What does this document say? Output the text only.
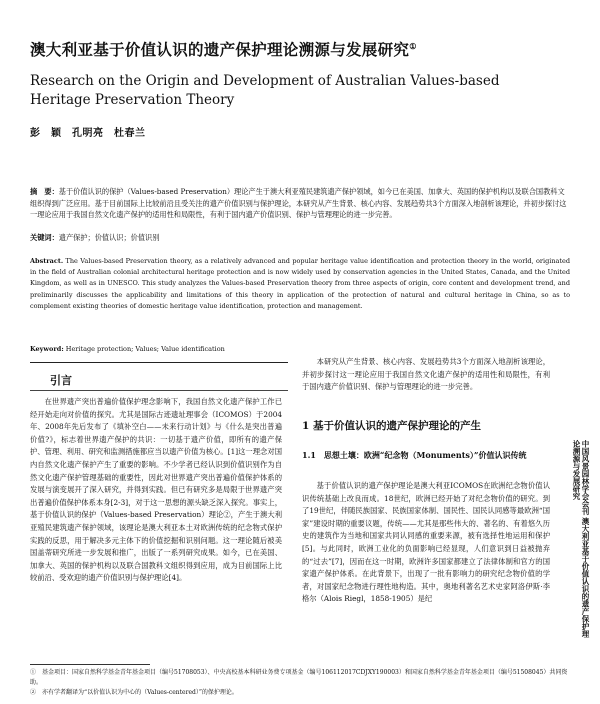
澳大利亚基于价值认识的遗产保护理论溯源与发展研究①
Research on the Origin and Development of Australian Values-based Heritage Preservation Theory
彭　颖　孔明亮　杜春兰
摘　要：基于价值认识的保护（Values-based Preservation）理论产生于澳大利亚殖民建筑遗产保护领域，如今已在美国、加拿大、英国的保护机构以及联合国教科文组织得到广泛应用。基于目前国际上比较前沿且受关注的遗产价值识别与保护理论，本研究从产生背景、核心内容、发展趋势共3个方面深入地剖析该理论，并初步探讨这一理论应用于我国自然文化遗产保护的适用性和局限性，有利于国内遗产价值识别、保护与管理理论的进一步完善。
关键词：遗产保护；价值认识；价值识别
Abstract. The Values-based Preservation theory, as a relatively advanced and popular heritage value identification and protection theory in the world, originated in the field of Australian colonial architectural heritage protection and is now widely used by conservation agencies in the United States, Canada, and the United Kingdom, as well as in UNESCO. This study analyzes the Values-based Preservation theory from three aspects of origin, core content and development trend, and preliminarily discusses the applicability and limitations of this theory in application of the protection of natural and cultural heritage in China, so as to complement existing theories of domestic heritage value identification, protection and management.
Keyword: Heritage protection; Values; Value identification
引言
在世界遗产突出普遍价值保护理念影响下，我国自然文化遗产保护工作已经开始走向对价值的探究。尤其是国际古迹遗址理事会（ICOMOS）于2004年、2008年先后发布了《填补空白——未来行动计划》与《什么是突出普遍价值?》，标志着世界遗产保护的共识：一切基于遗产价值，即所有的遗产保护、管理、利用、研究和监测措施都应当以遗产价值为核心。[1]这一理念对国内自然文化遗产保护产生了重要的影响。不少学者已经认识到价值识别作为自然文化遗产保护管理基础的重要性，因此对世界遗产突出普遍价值保护体系的发展与演变展开了深入研究，并得到实践。但已有研究多是局限于世界遗产突出普遍价值保护体系本身[2-3]，对于这一思想的源头缺乏深入探究。事实上，基于价值认识的保护（Values-based Preservation）理论②，产生于澳大利亚殖民建筑遗产保护领域，该理论是澳大利亚本土对欧洲传统的纪念物式保护实践的反思，用于解决多元主体下的价值挖掘和识别问题。这一理论随后被美国盖蒂研究所进一步发展和推广，出版了一系列研究成果。如今，已在美国、加拿大、英国的保护机构以及联合国教科文组织得到应用，成为目前国际上比较前沿、受欢迎的遗产价值识别与保护理论[4]。
本研究从产生背景、核心内容、发展趋势共3个方面深入地剖析该理论，并初步探讨这一理论应用于我国自然文化遗产保护的适用性和局限性，有利于国内遗产价值识别、保护与管理理论的进一步完善。
1 基于价值认识的遗产保护理论的产生
1.1　思想土壤：欧洲“纪念物（Monuments）”价值认识传统
基于价值认识的遗产保护理论是澳大利亚ICOMOS在欧洲纪念物价值认识传统基础上改良而成。18世纪，欧洲已经开始了对纪念物价值的研究。到了19世纪，伴随民族国家、民族国家体制、国民性、国民认同感等最欧洲“国家”建设时期的重要议题，传统——尤其是那些伟大的、著名的、有着悠久历史的建筑作为当地和国家共同认同感的重要来源，被有选择性地运用和保护[5]。与此同时，欧洲工业化的负面影响已经显现，人们意识到日益被抛弃的“过去”[7]，因而在这一时期，欧洲许多国家都建立了法律体制和官方的国家遗产保护体系。在此背景下，出现了一批有影响力的研究纪念物价值的学者，对国家纪念物进行理性地构造。其中，奥地利著名艺术史家阿洛伊斯·李格尔（Alois Riegl，1858-1905）是纪	中国风景园林学会会刊 澳大利亚基于价值认识的遗产保护理论溯源与发展研究
①　基金项目：国家自然科学基金青年基金项目（编号51708053）、中央高校基本科研业务费专项基金（编号106112017CDJXY190003）和国家自然科学基金青年基金项目（编号51508045）共同资助。
②　亦有学者翻译为“以价值认识为中心的（Values-centered）”的保护理论。
